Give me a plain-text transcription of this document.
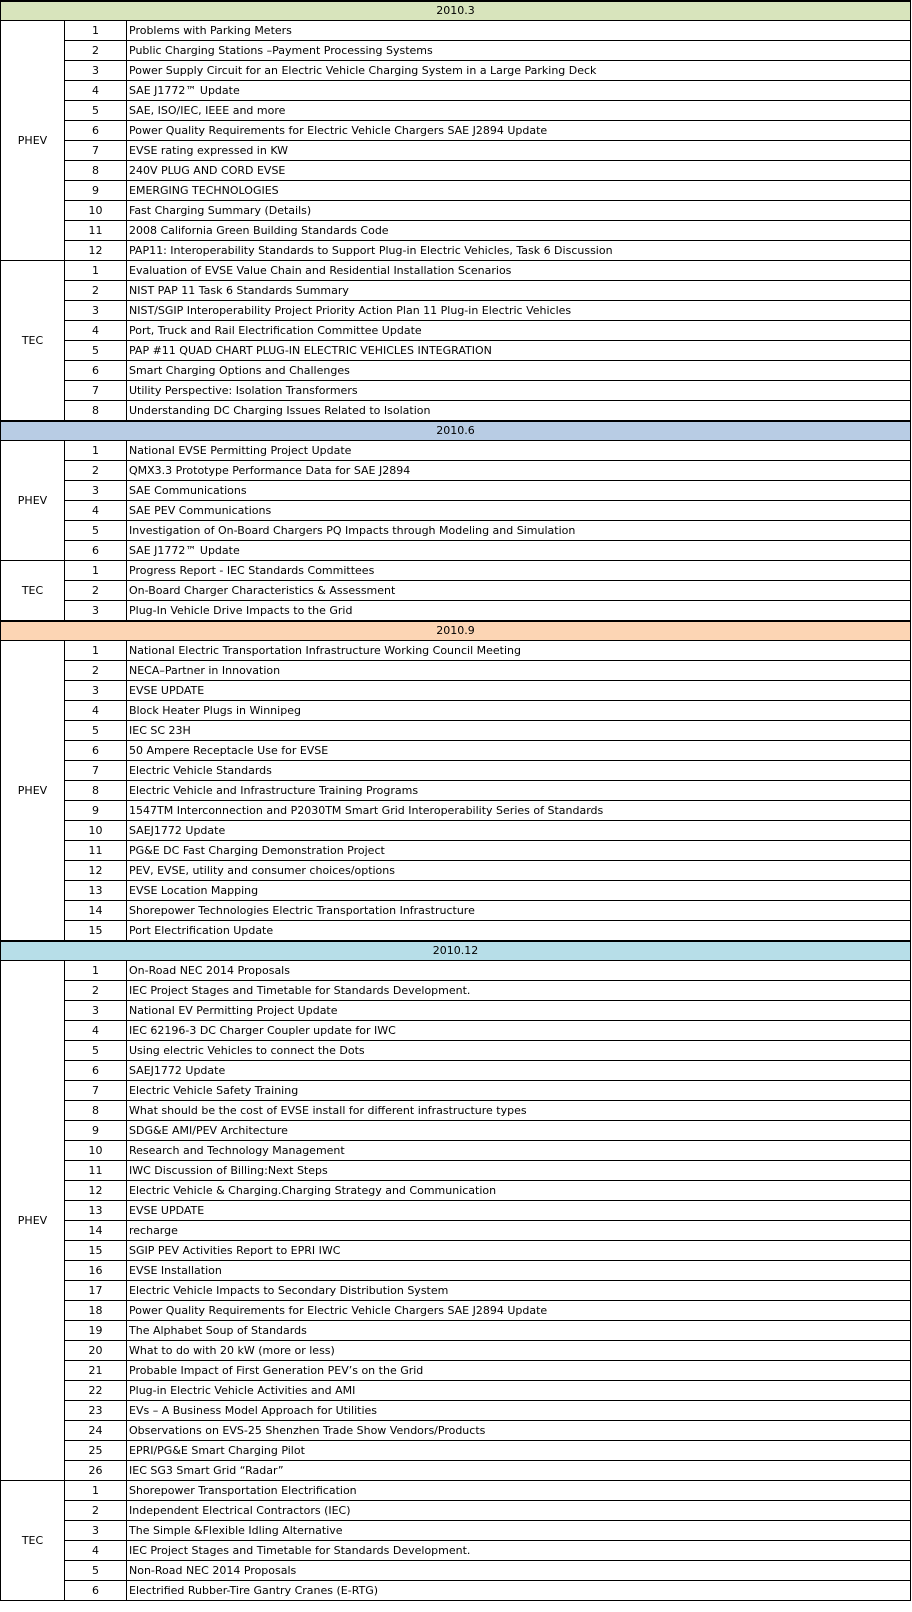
2010.3		
PHEV	1	Problems with Parking Meters
	2	Public Charging Stations –Payment Processing Systems
	3	Power Supply Circuit for an Electric Vehicle Charging System in a Large Parking Deck
	4	SAE J1772™ Update
	5	SAE, ISO/IEC, IEEE and more
	6	Power Quality Requirements for Electric Vehicle Chargers SAE J2894 Update
	7	EVSE rating expressed in KW
	8	240V PLUG AND CORD EVSE
	9	EMERGING TECHNOLOGIES
	10	Fast Charging Summary (Details)
	11	2008 California Green Building Standards Code
	12	PAP11: Interoperability Standards to Support Plug-in Electric Vehicles, Task 6 Discussion
TEC	1	Evaluation of EVSE Value Chain and Residential Installation Scenarios
	2	NIST PAP 11 Task 6 Standards Summary
	3	NIST/SGIP Interoperability Project Priority Action Plan 11 Plug-in Electric Vehicles
	4	Port, Truck and Rail Electrification Committee Update
	5	PAP #11 QUAD CHART PLUG-IN ELECTRIC VEHICLES INTEGRATION
	6	Smart Charging Options and Challenges
	7	Utility Perspective: Isolation Transformers
	8	Understanding DC Charging Issues Related to Isolation
2010.6		
PHEV	1	National EVSE Permitting Project Update
	2	QMX3.3 Prototype Performance Data for SAE J2894
	3	SAE Communications
	4	SAE PEV Communications
	5	Investigation of On-Board Chargers PQ Impacts through Modeling and Simulation
	6	SAE J1772™ Update
TEC	1	Progress Report - IEC Standards Committees
	2	On-Board Charger Characteristics & Assessment
	3	Plug-In Vehicle Drive Impacts to the Grid
2010.9		
PHEV	1	National Electric Transportation Infrastructure Working Council Meeting
	2	NECA–Partner in Innovation
	3	EVSE UPDATE
	4	Block Heater Plugs in Winnipeg
	5	IEC SC 23H
	6	50 Ampere Receptacle Use for EVSE
	7	Electric Vehicle Standards
	8	Electric Vehicle and Infrastructure Training Programs
	9	1547TM Interconnection and P2030TM Smart Grid Interoperability Series of Standards
	10	SAEJ1772 Update
	11	PG&E DC Fast Charging Demonstration Project
	12	PEV, EVSE, utility and consumer choices/options
	13	EVSE Location Mapping
	14	Shorepower Technologies Electric Transportation Infrastructure
	15	Port Electrification Update
2010.12		
PHEV	1	On-Road NEC 2014 Proposals
	2	IEC Project Stages and Timetable for Standards Development.
	3	National EV Permitting Project Update
	4	IEC 62196-3 DC Charger Coupler update for IWC
	5	Using electric Vehicles to connect the Dots
	6	SAEJ1772 Update
	7	Electric Vehicle Safety Training
	8	What should be the cost of EVSE install for different infrastructure types
	9	SDG&E AMI/PEV Architecture
	10	Research and Technology Management
	11	IWC Discussion of Billing:Next Steps
	12	Electric Vehicle & Charging.Charging Strategy and Communication
	13	EVSE UPDATE
	14	recharge
	15	SGIP PEV Activities Report to EPRI IWC
	16	EVSE Installation
	17	Electric Vehicle Impacts to Secondary Distribution System
	18	Power Quality Requirements for Electric Vehicle Chargers SAE J2894 Update
	19	The Alphabet Soup of Standards
	20	What to do with 20 kW (more or less)
	21	Probable Impact of First Generation PEV’s on the Grid
	22	Plug-in Electric Vehicle Activities and AMI
	23	EVs – A Business Model Approach for Utilities
	24	Observations on EVS-25 Shenzhen Trade Show Vendors/Products
	25	EPRI/PG&E Smart Charging Pilot
	26	IEC SG3 Smart Grid “Radar”
TEC	1	Shorepower Transportation Electrification
	2	Independent Electrical Contractors (IEC)
	3	The Simple &Flexible Idling Alternative
	4	IEC Project Stages and Timetable for Standards Development.
	5	Non-Road NEC 2014 Proposals
	6	Electrified Rubber-Tire Gantry Cranes (E-RTG)
